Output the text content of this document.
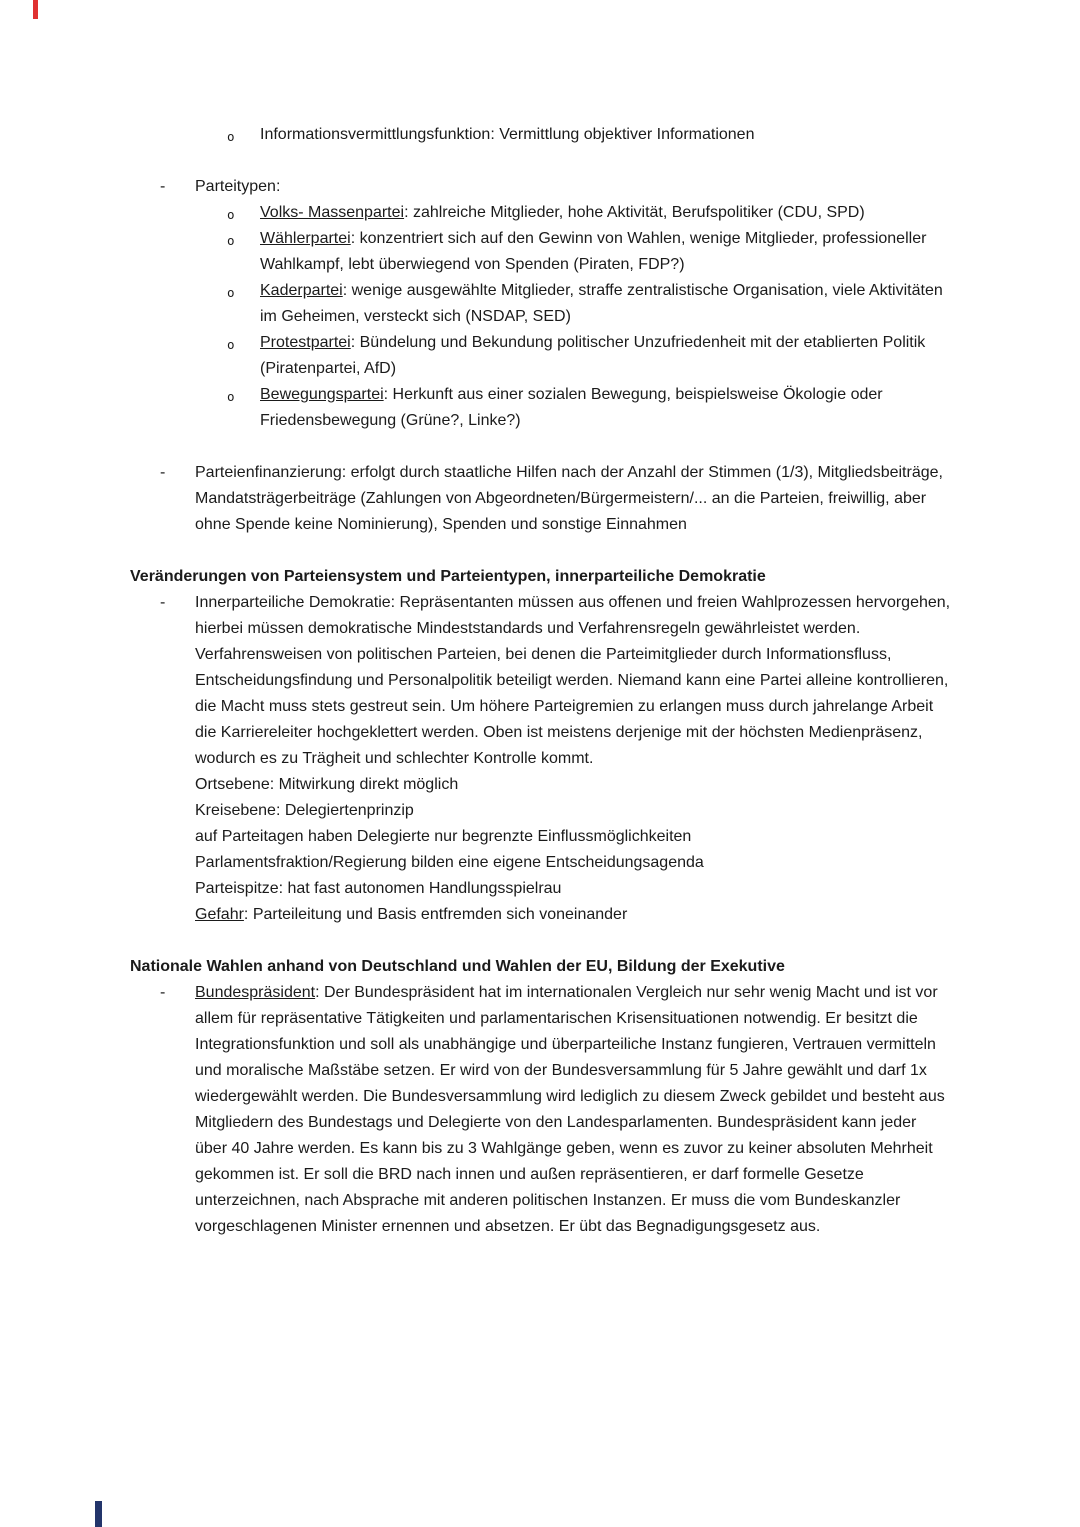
o Informationsvermittlungsfunktion: Vermittlung objektiver Informationen
- Parteitypen:
o Volks- Massenpartei: zahlreiche Mitglieder, hohe Aktivität, Berufspolitiker (CDU, SPD)
o Wählerpartei: konzentriert sich auf den Gewinn von Wahlen, wenige Mitglieder, professioneller Wahlkampf, lebt überwiegend von Spenden (Piraten, FDP?)
o Kaderpartei: wenige ausgewählte Mitglieder, straffe zentralistische Organisation, viele Aktivitäten im Geheimen, versteckt sich (NSDAP, SED)
o Protestpartei: Bündelung und Bekundung politischer Unzufriedenheit mit der etablierten Politik (Piratenpartei, AfD)
o Bewegungspartei: Herkunft aus einer sozialen Bewegung, beispielsweise Ökologie oder Friedensbewegung (Grüne?, Linke?)
- Parteienfinanzierung: erfolgt durch staatliche Hilfen nach der Anzahl der Stimmen (1/3), Mitgliedsbeiträge, Mandatsträgerbeiträge (Zahlungen von Abgeordneten/Bürgermeistern/... an die Parteien, freiwillig, aber ohne Spende keine Nominierung), Spenden und sonstige Einnahmen
Veränderungen von Parteiensystem und Parteientypen, innerparteiliche Demokratie
- Innerparteiliche Demokratie: Repräsentanten müssen aus offenen und freien Wahlprozessen hervorgehen, hierbei müssen demokratische Mindeststandards und Verfahrensregeln gewährleistet werden. Verfahrensweisen von politischen Parteien, bei denen die Parteimitglieder durch Informationsfluss, Entscheidungsfindung und Personalpolitik beteiligt werden. Niemand kann eine Partei alleine kontrollieren, die Macht muss stets gestreut sein. Um höhere Parteigremien zu erlangen muss durch jahrelange Arbeit die Karriereleiter hochgeklettert werden. Oben ist meistens derjenige mit der höchsten Medienpräsenz, wodurch es zu Trägheit und schlechter Kontrolle kommt.
Ortsebene: Mitwirkung direkt möglich
Kreisebene: Delegiertenprinzip
auf Parteitagen haben Delegierte nur begrenzte Einflussmöglichkeiten
Parlamentsfraktion/Regierung bilden eine eigene Entscheidungsagenda
Parteispitze: hat fast autonomen Handlungsspielrau
Gefahr: Parteileitung und Basis entfremden sich voneinander
Nationale Wahlen anhand von Deutschland und Wahlen der EU, Bildung der Exekutive
- Bundespräsident: Der Bundespräsident hat im internationalen Vergleich nur sehr wenig Macht und ist vor allem für repräsentative Tätigkeiten und parlamentarischen Krisensituationen notwendig. Er besitzt die Integrationsfunktion und soll als unabhängige und überparteiliche Instanz fungieren, Vertrauen vermitteln und moralische Maßstäbe setzen. Er wird von der Bundesversammlung für 5 Jahre gewählt und darf 1x wiedergewählt werden. Die Bundesversammlung wird lediglich zu diesem Zweck gebildet und besteht aus Mitgliedern des Bundestags und Delegierte von den Landesparlamenten. Bundespräsident kann jeder über 40 Jahre werden. Es kann bis zu 3 Wahlgänge geben, wenn es zuvor zu keiner absoluten Mehrheit gekommen ist. Er soll die BRD nach innen und außen repräsentieren, er darf formelle Gesetze unterzeichnen, nach Absprache mit anderen politischen Instanzen. Er muss die vom Bundeskanzler vorgeschlagenen Minister ernennen und absetzen. Er übt das Begnadigungsgesetz aus.
